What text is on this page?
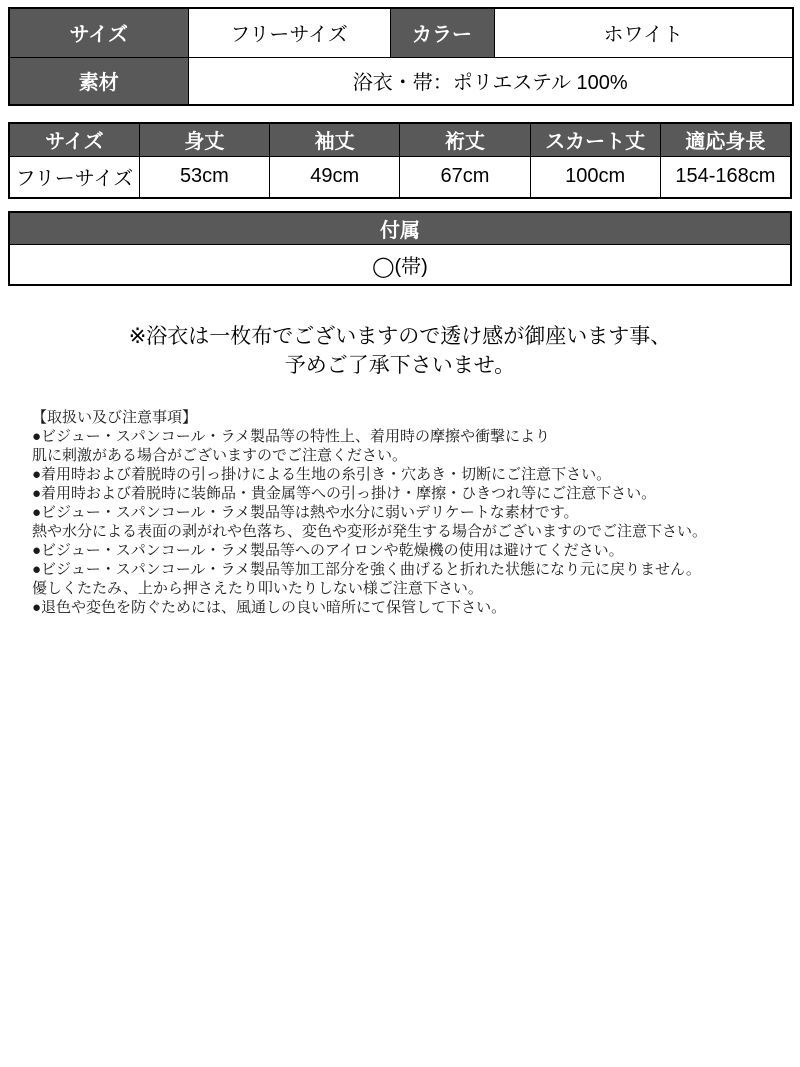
サイズ	フリーサイズ	カラー	ホワイト
素材	浴衣・帯：ポリエステル 100%		
サイズ	身丈	袖丈	裄丈	スカート丈	適応身長
フリーサイズ	53cm	49cm	67cm	100cm	154-168cm
付属
◯(帯)
※浴衣は一枚布でございますので透け感が御座います事、
予めご了承下さいませ。
【取扱い及び注意事項】
●ビジュー・スパンコール・ラメ製品等の特性上、着用時の摩擦や衝撃により
肌に刺激がある場合がございますのでご注意ください。
●着用時および着脱時の引っ掛けによる生地の糸引き・穴あき・切断にご注意下さい。
●着用時および着脱時に装飾品・貴金属等への引っ掛け・摩擦・ひきつれ等にご注意下さい。
●ビジュー・スパンコール・ラメ製品等は熱や水分に弱いデリケートな素材です。
熱や水分による表面の剥がれや色落ち、変色や変形が発生する場合がございますのでご注意下さい。
●ビジュー・スパンコール・ラメ製品等へのアイロンや乾燥機の使用は避けてください。
●ビジュー・スパンコール・ラメ製品等加工部分を強く曲げると折れた状態になり元に戻りません。
優しくたたみ、上から押さえたり叩いたりしない様ご注意下さい。
●退色や変色を防ぐためには、風通しの良い暗所にて保管して下さい。
